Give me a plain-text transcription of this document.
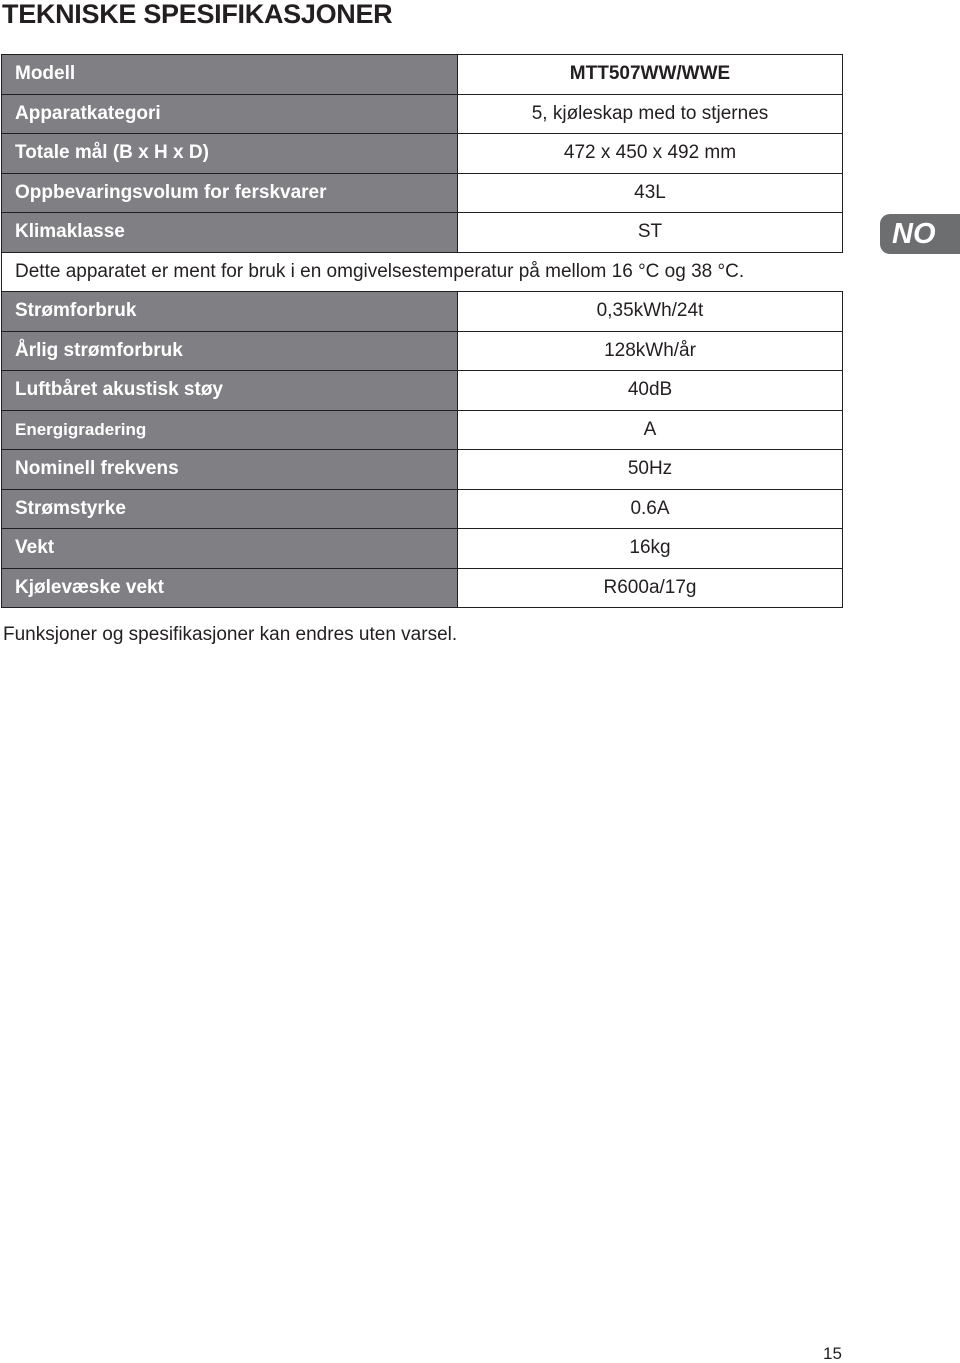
TEKNISKE SPESIFIKASJONER
Modell	MTT507WW/WWE
Apparatkategori	5, kjøleskap med to stjernes
Totale mål (B x H x D)	472 x 450 x 492 mm
Oppbevaringsvolum for ferskvarer	43L
Klimaklasse	ST
Dette apparatet er ment for bruk i en omgivelsestemperatur på mellom 16 °C og 38 °C.	
Strømforbruk	0,35kWh/24t
Årlig strømforbruk	128kWh/år
Luftbåret akustisk støy	40dB
Energigradering	A
Nominell frekvens	50Hz
Strømstyrke	0.6A
Vekt	16kg
Kjølevæske vekt	R600a/17g
NO

Funksjoner og spesifikasjoner kan endres uten varsel.

15
